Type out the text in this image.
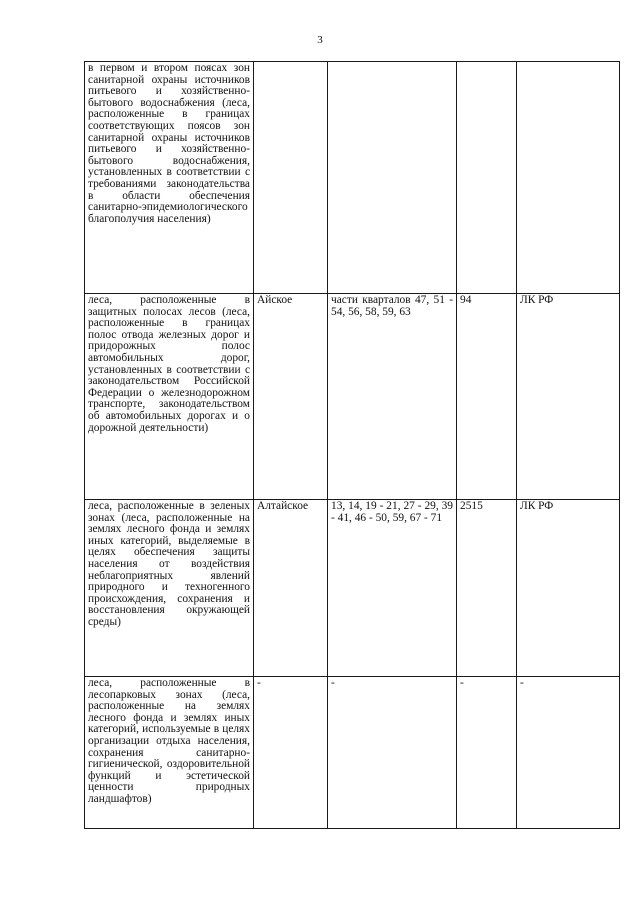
3
в первом и втором поясах зон санитарной охраны источников питьевого и хозяйственно-бытового водоснабжения (леса, расположенные в границах соответствующих поясов зон санитарной охраны источников питьевого и хозяйственно-бытового водоснабжения, установленных в соответствии с требованиями законодательства в области обеспечения санитарно-эпидемиологического благополучия населения)				
леса, расположенные в защитных полосах лесов (леса, расположенные в границах полос отвода железных дорог и придорожных полос автомобильных дорог, установленных в соответствии с законодательством Российской Федерации о железнодорожном транспорте, законодательством об автомобильных дорогах и о дорожной деятельности)	Айское	части кварталов 47, 51 - 54, 56, 58, 59, 63	94	ЛК РФ
леса, расположенные в зеленых зонах (леса, расположенные на землях лесного фонда и землях иных категорий, выделяемые в целях обеспечения защиты населения от воздействия неблагоприятных явлений природного и техногенного происхождения, сохранения и восстановления окружающей среды)	Алтайское	13, 14, 19 - 21, 27 - 29, 39 - 41, 46 - 50, 59, 67 - 71	2515	ЛК РФ
леса, расположенные в лесопарковых зонах (леса, расположенные на землях лесного фонда и землях иных категорий, используемые в целях организации отдыха населения, сохранения санитарно-гигиенической, оздоровительной функций и эстетической ценности природных ландшафтов)	-	-	-	-
